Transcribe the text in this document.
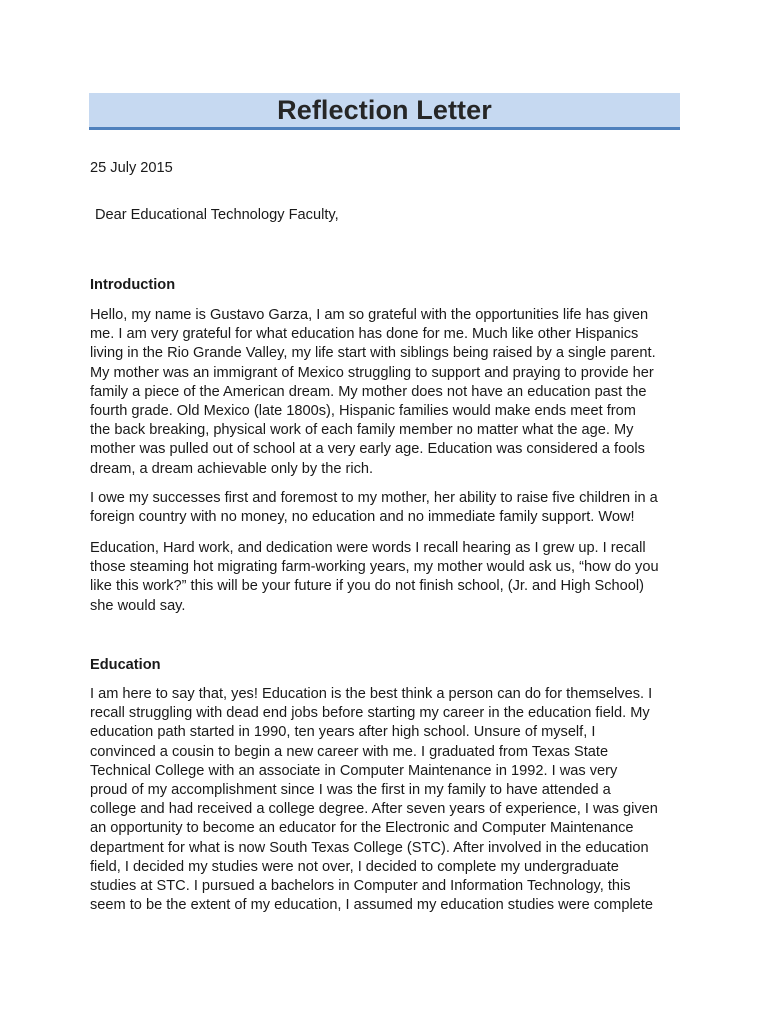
Reflection Letter

25 July 2015

Dear Educational Technology Faculty,

Introduction

Hello, my name is Gustavo Garza, I am so grateful with the opportunities life has given
me. I am very grateful for what education has done for me. Much like other Hispanics
living in the Rio Grande Valley, my life start with siblings being raised by a single parent.
My mother was an immigrant of Mexico struggling to support and praying to provide her
family a piece of the American dream. My mother does not have an education past the
fourth grade. Old Mexico (late 1800s), Hispanic families would make ends meet from
the back breaking, physical work of each family member no matter what the age. My
mother was pulled out of school at a very early age. Education was considered a fools
dream, a dream achievable only by the rich.
I owe my successes first and foremost to my mother, her ability to raise five children in a
foreign country with no money, no education and no immediate family support. Wow!
Education, Hard work, and dedication were words I recall hearing as I grew up. I recall
those steaming hot migrating farm-working years, my mother would ask us, “how do you
like this work?” this will be your future if you do not finish school, (Jr. and High School)
she would say.

Education

I am here to say that, yes! Education is the best think a person can do for themselves. I
recall struggling with dead end jobs before starting my career in the education field. My
education path started in 1990, ten years after high school. Unsure of myself, I
convinced a cousin to begin a new career with me. I graduated from Texas State
Technical College with an associate in Computer Maintenance in 1992. I was very
proud of my accomplishment since I was the first in my family to have attended a
college and had received a college degree. After seven years of experience, I was given
an opportunity to become an educator for the Electronic and Computer Maintenance
department for what is now South Texas College (STC). After involved in the education
field, I decided my studies were not over, I decided to complete my undergraduate
studies at STC. I pursued a bachelors in Computer and Information Technology, this
seem to be the extent of my education, I assumed my education studies were complete
